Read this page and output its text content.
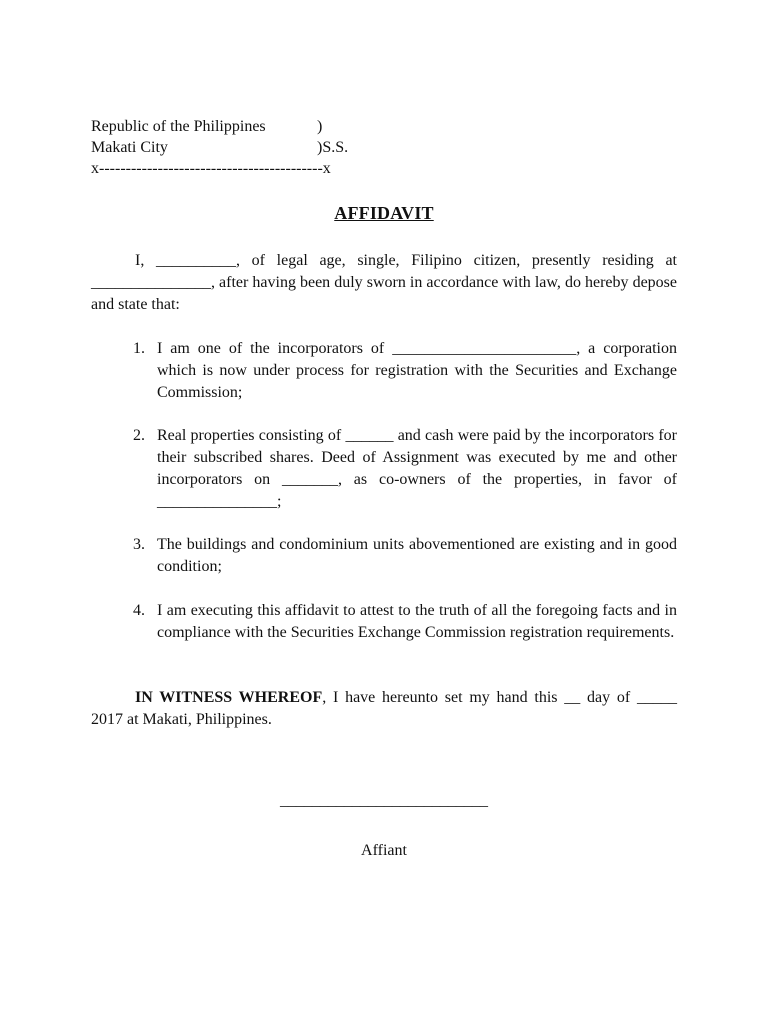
Republic of the Philippines	)
Makati City	)S.S.
x------------------------------------------x
AFFIDAVIT
I, __________, of legal age, single, Filipino citizen, presently residing at _______________, after having been duly sworn in accordance with law, do hereby depose and state that:
1. I am one of the incorporators of _______________________, a corporation which is now under process for registration with the Securities and Exchange Commission;
2. Real properties consisting of ______ and cash were paid by the incorporators for their subscribed shares. Deed of Assignment was executed by me and other incorporators on _______, as co-owners of the properties, in favor of _______________;
3. The buildings and condominium units abovementioned are existing and in good condition;
4. I am executing this affidavit to attest to the truth of all the foregoing facts and in compliance with the Securities Exchange Commission registration requirements.
IN WITNESS WHEREOF, I have hereunto set my hand this __ day of _____ 2017 at Makati, Philippines.
__________________________
Affiant
